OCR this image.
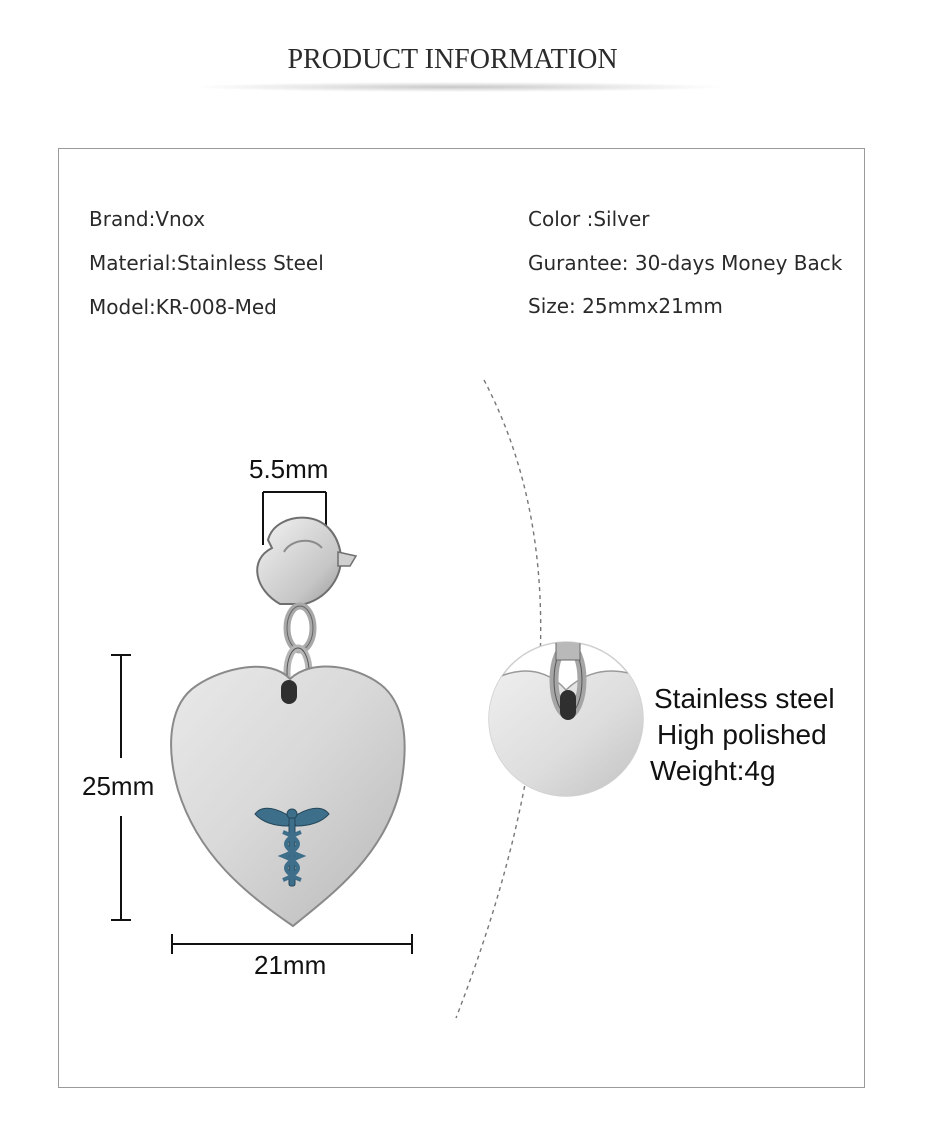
PRODUCT INFORMATION
Brand:Vnox
Material:Stainless Steel
Model:KR-008-Med
Color :Silver
Gurantee: 30-days Money Back
Size: 25mmx21mm
5.5mm
25mm
21mm
Stainless steel
High polished
Weight:4g
